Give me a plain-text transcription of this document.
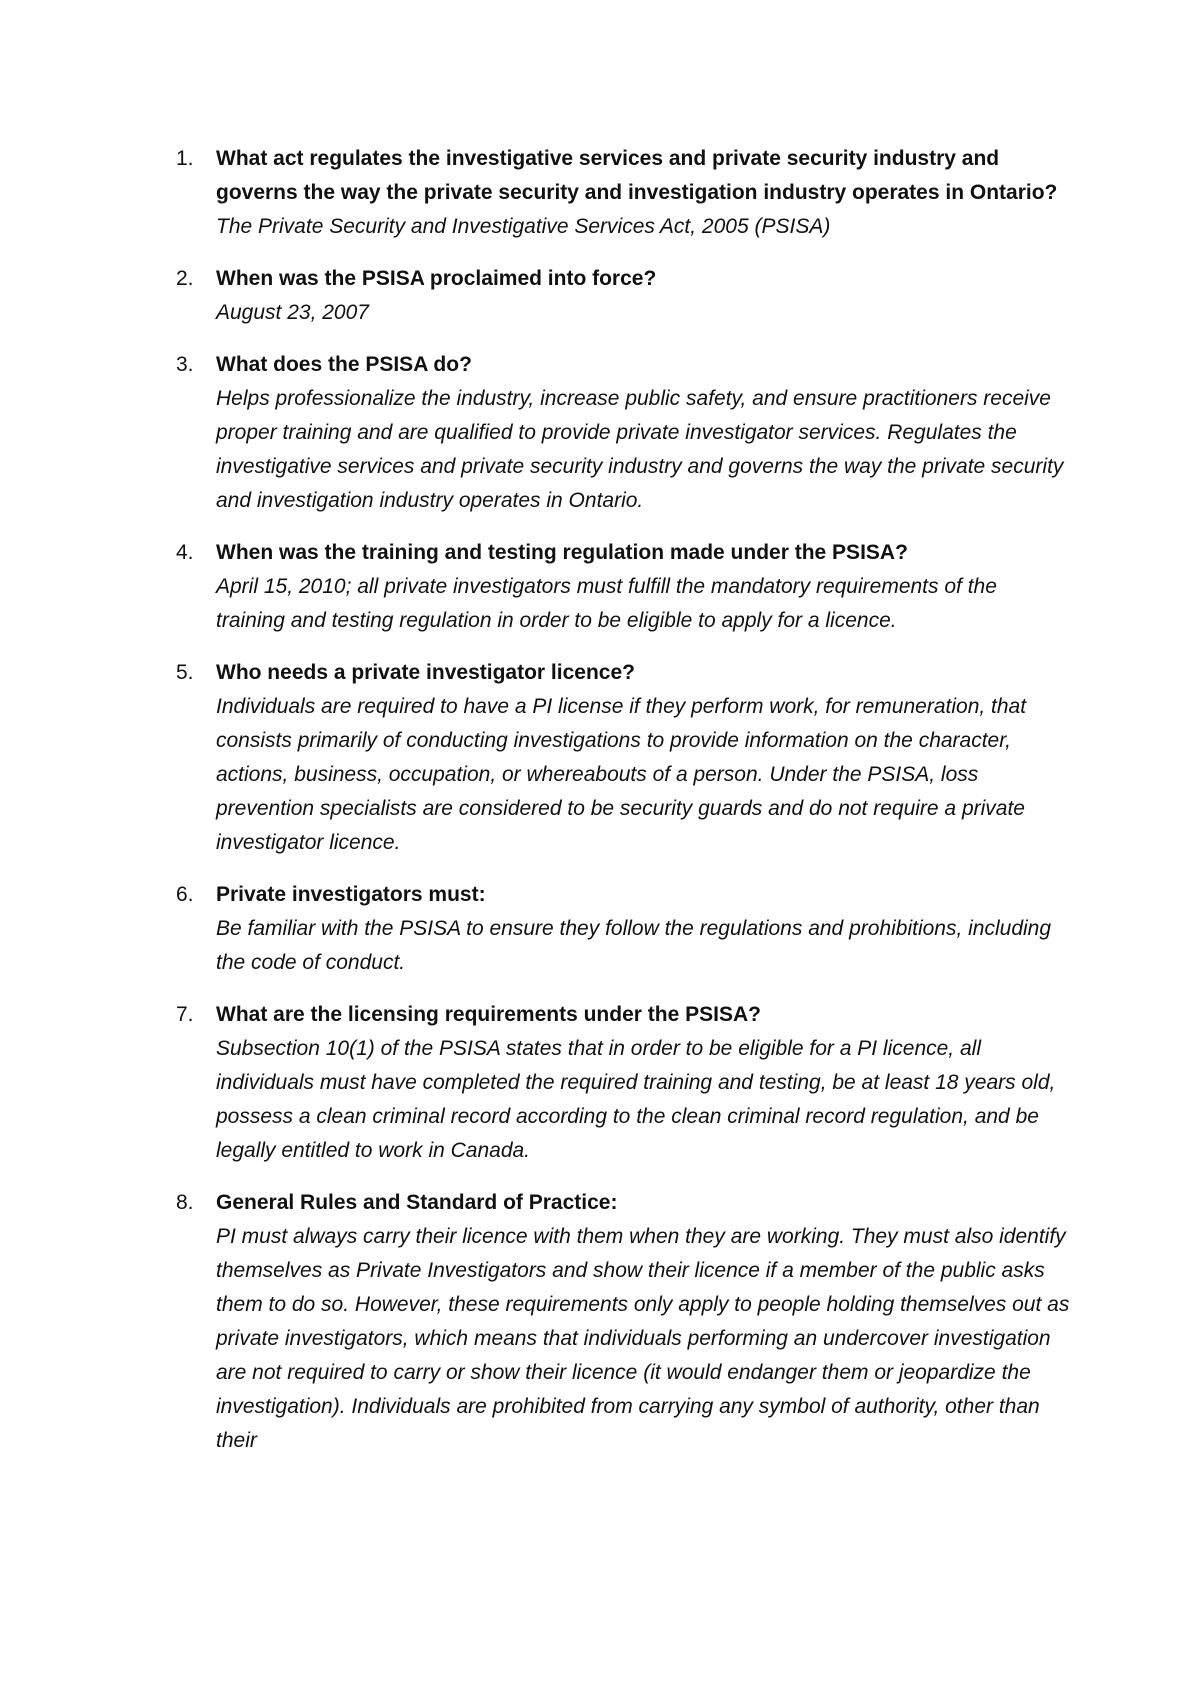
1. What act regulates the investigative services and private security industry and governs the way the private security and investigation industry operates in Ontario?
The Private Security and Investigative Services Act, 2005 (PSISA)
2. When was the PSISA proclaimed into force?
August 23, 2007
3. What does the PSISA do?
Helps professionalize the industry, increase public safety, and ensure practitioners receive proper training and are qualified to provide private investigator services. Regulates the investigative services and private security industry and governs the way the private security and investigation industry operates in Ontario.
4. When was the training and testing regulation made under the PSISA?
April 15, 2010; all private investigators must fulfill the mandatory requirements of the training and testing regulation in order to be eligible to apply for a licence.
5. Who needs a private investigator licence?
Individuals are required to have a PI license if they perform work, for remuneration, that consists primarily of conducting investigations to provide information on the character, actions, business, occupation, or whereabouts of a person. Under the PSISA, loss prevention specialists are considered to be security guards and do not require a private investigator licence.
6. Private investigators must:
Be familiar with the PSISA to ensure they follow the regulations and prohibitions, including the code of conduct.
7. What are the licensing requirements under the PSISA?
Subsection 10(1) of the PSISA states that in order to be eligible for a PI licence, all individuals must have completed the required training and testing, be at least 18 years old, possess a clean criminal record according to the clean criminal record regulation, and be legally entitled to work in Canada.
8. General Rules and Standard of Practice:
PI must always carry their licence with them when they are working. They must also identify themselves as Private Investigators and show their licence if a member of the public asks them to do so. However, these requirements only apply to people holding themselves out as private investigators, which means that individuals performing an undercover investigation are not required to carry or show their licence (it would endanger them or jeopardize the investigation). Individuals are prohibited from carrying any symbol of authority, other than their
